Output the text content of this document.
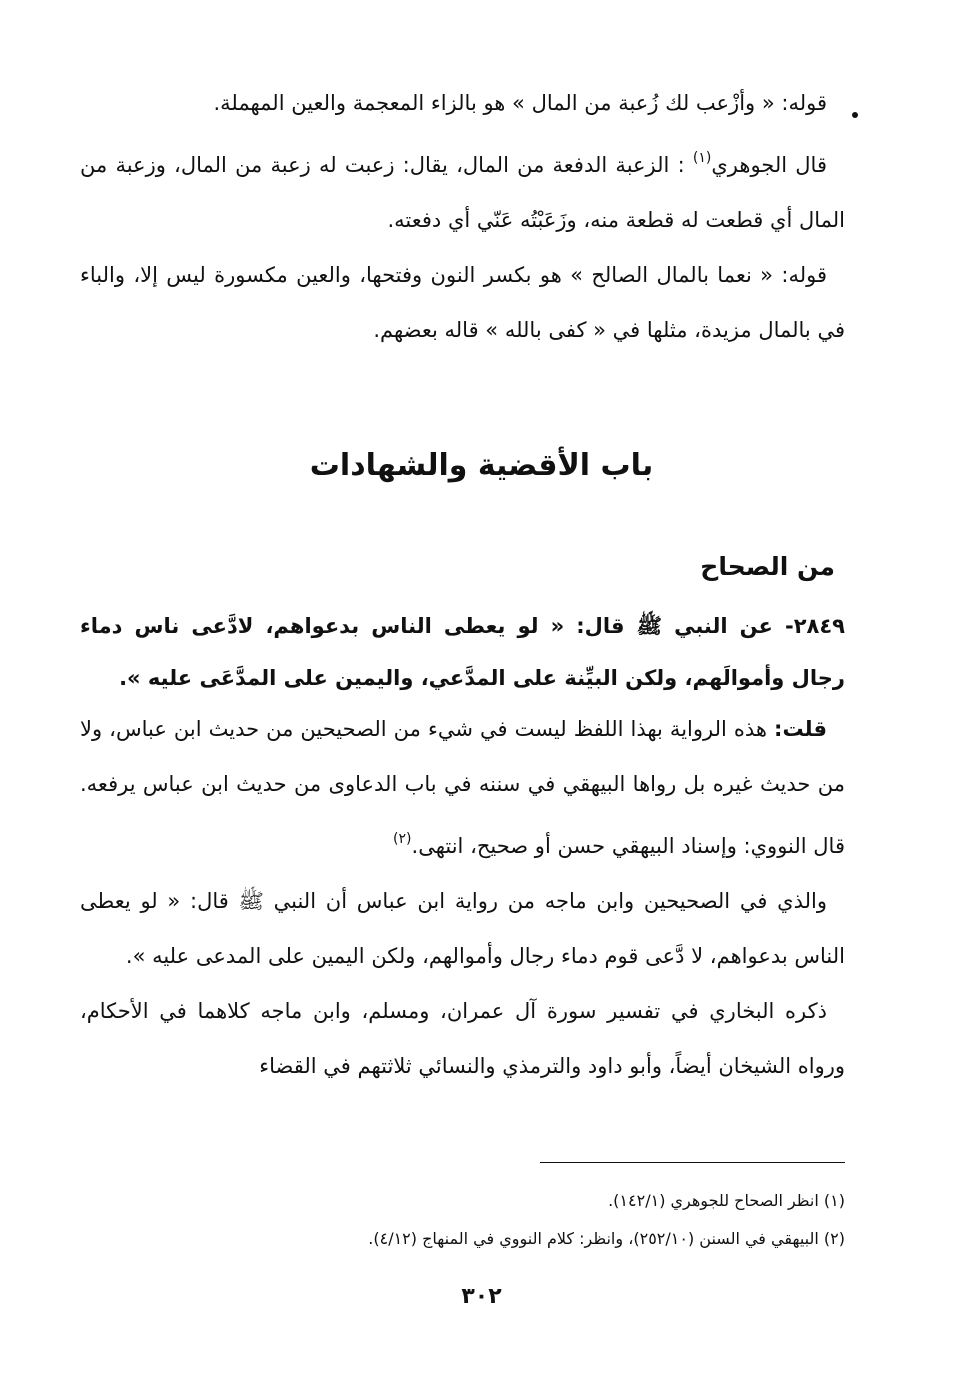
قوله: « وأزْعب لك زُعبة من المال » هو بالزاء المعجمة والعين المهملة.

قال الجوهري$^{(١)}$ : الزعبة الدفعة من المال، يقال: زعبت له زعبة من المال، وزعبة من المال أي قطعت له قطعة منه، وزَعَبْتُه عَنّي أي دفعته.

قوله: « نعما بالمال الصالح » هو بكسر النون وفتحها، والعين مكسورة ليس إلا، والباء في بالمال مزيدة، مثلها في « كفى بالله » قاله بعضهم.

باب الأقضية والشهادات
من الصحاح

٢٨٤٩- عن النبي ﷺ قال: « لو يعطى الناس بدعواهم، لادَّعى ناس دماء رجال وأموالَهم، ولكن البيِّنة على المدَّعي، واليمين على المدَّعَى عليه ».

قلت: هذه الرواية بهذا اللفظ ليست في شيء من الصحيحين من حديث ابن عباس، ولا من حديث غيره بل رواها البيهقي في سننه في باب الدعاوى من حديث ابن عباس يرفعه. قال النووي: وإسناد البيهقي حسن أو صحيح، انتهى.$^{(٢)}$

والذي في الصحيحين وابن ماجه من رواية ابن عباس أن النبي ﷺ قال: « لو يعطى الناس بدعواهم، لا دَّعى قوم دماء رجال وأموالهم، ولكن اليمين على المدعى عليه ».

ذكره البخاري في تفسير سورة آل عمران، ومسلم، وابن ماجه كلاهما في الأحكام، ورواه الشيخان أيضاً، وأبو داود والترمذي والنسائي ثلاثتهم في القضاء

(١) انظر الصحاح للجوهري (١٤٢/١).

(٢) البيهقي في السنن (٢٥٢/١٠)، وانظر: كلام النووي في المنهاج (٤/١٢).

٣٠٢
